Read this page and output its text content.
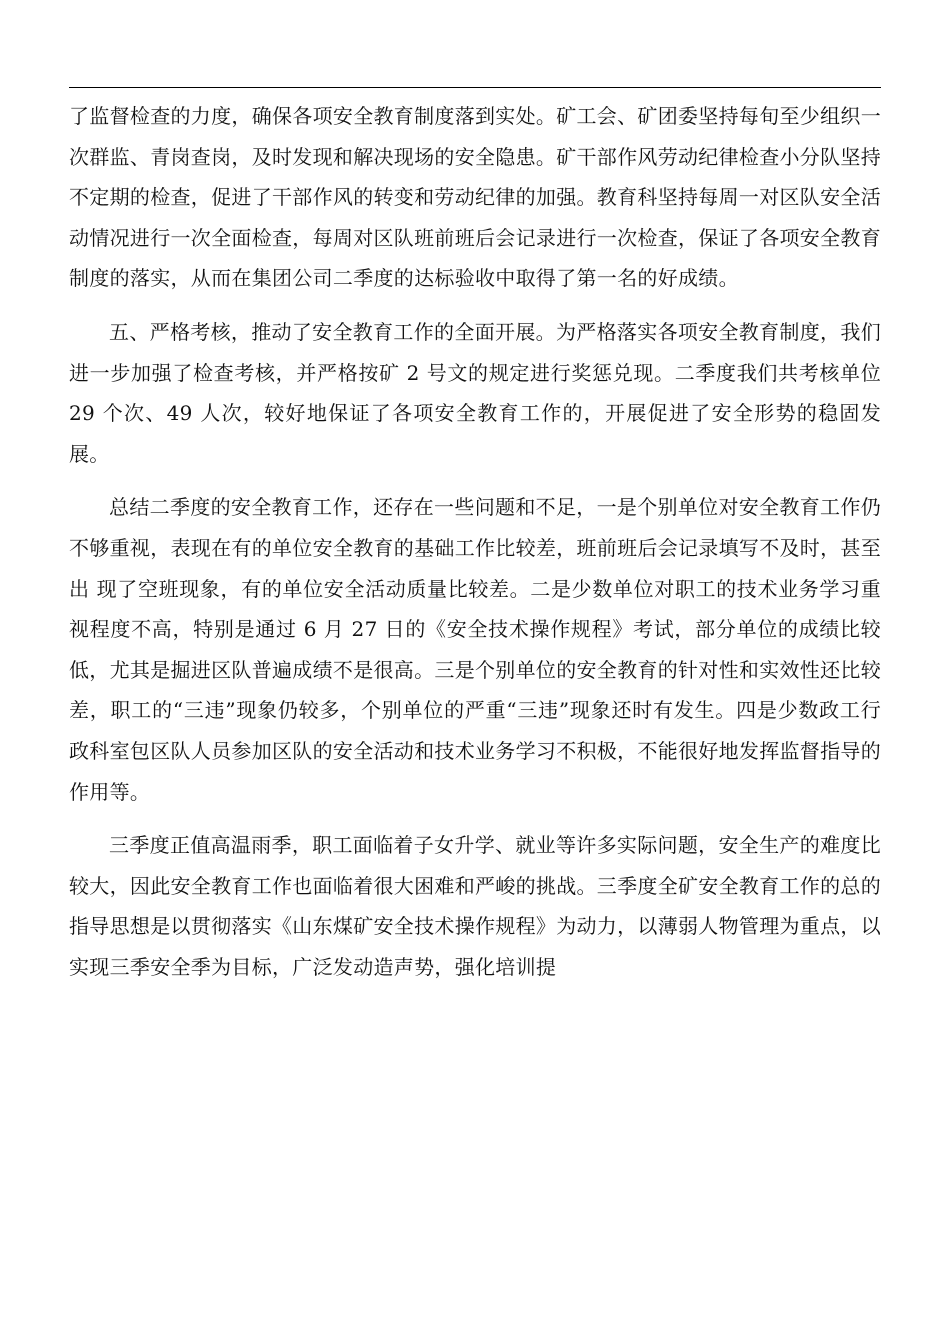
了监督检查的力度，确保各项安全教育制度落到实处。矿工会、矿团委坚持每旬至少组织一次群监、青岗查岗，及时发现和解决现场的安全隐患。矿干部作风劳动纪律检查小分队坚持不定期的检查，促进了干部作风的转变和劳动纪律的加强。教育科坚持每周一对区队安全活动情况进行一次全面检查，每周对区队班前班后会记录进行一次检查，保证了各项安全教育制度的落实，从而在集团公司二季度的达标验收中取得了第一名的好成绩。

五、严格考核，推动了安全教育工作的全面开展。为严格落实各项安全教育制度，我们进一步加强了检查考核，并严格按矿 2 号文的规定进行奖惩兑现。二季度我们共考核单位 29 个次、49 人次，较好地保证了各项安全教育工作的，开展促进了安全形势的稳固发展。

总结二季度的安全教育工作，还存在一些问题和不足，一是个别单位对安全教育工作仍不够重视，表现在有的单位安全教育的基础工作比较差，班前班后会记录填写不及时，甚至出 现了空班现象，有的单位安全活动质量比较差。二是少数单位对职工的技术业务学习重视程度不高，特别是通过 6 月 27 日的《安全技术操作规程》考试，部分单位的成绩比较低，尤其是掘进区队普遍成绩不是很高。三是个别单位的安全教育的针对性和实效性还比较差，职工的“三违”现象仍较多，个别单位的严重“三违”现象还时有发生。四是少数政工行政科室包区队人员参加区队的安全活动和技术业务学习不积极，不能很好地发挥监督指导的作用等。

三季度正值高温雨季，职工面临着子女升学、就业等许多实际问题，安全生产的难度比较大，因此安全教育工作也面临着很大困难和严峻的挑战。三季度全矿安全教育工作的总的指导思想是以贯彻落实《山东煤矿安全技术操作规程》为动力，以薄弱人物管理为重点，以实现三季安全季为目标，广泛发动造声势，强化培训提
